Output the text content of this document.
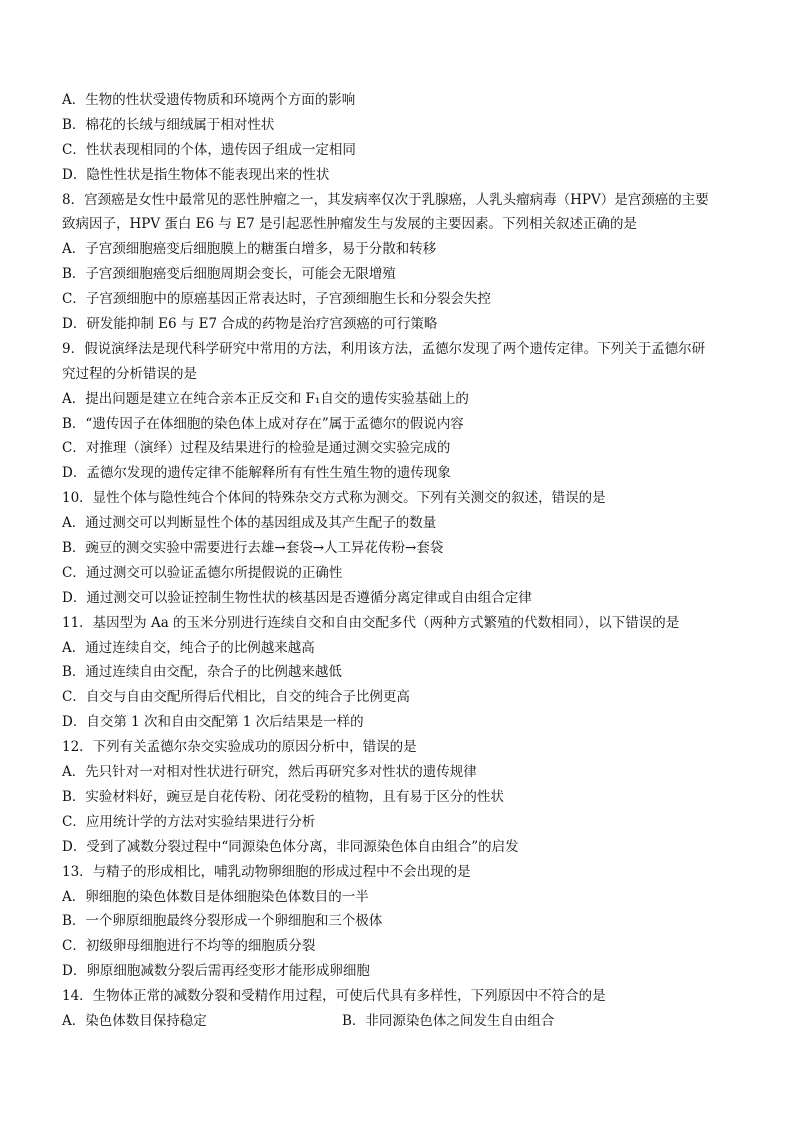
A．生物的性状受遗传物质和环境两个方面的影响
B．棉花的长绒与细绒属于相对性状
C．性状表现相同的个体，遗传因子组成一定相同
D．隐性性状是指生物体不能表现出来的性状
8．宫颈癌是女性中最常见的恶性肿瘤之一，其发病率仅次于乳腺癌，人乳头瘤病毒（HPV）是宫颈癌的主要
致病因子，HPV 蛋白 E6 与 E7 是引起恶性肿瘤发生与发展的主要因素。下列相关叙述正确的是
A．子宫颈细胞癌变后细胞膜上的糖蛋白增多，易于分散和转移
B．子宫颈细胞癌变后细胞周期会变长，可能会无限增殖
C．子宫颈细胞中的原癌基因正常表达时，子宫颈细胞生长和分裂会失控
D．研发能抑制 E6 与 E7 合成的药物是治疗宫颈癌的可行策略
9．假说演绎法是现代科学研究中常用的方法，利用该方法，孟德尔发现了两个遗传定律。下列关于孟德尔研
究过程的分析错误的是
A．提出问题是建立在纯合亲本正反交和 F₁自交的遗传实验基础上的
B．“遗传因子在体细胞的染色体上成对存在”属于孟德尔的假说内容
C．对推理（演绎）过程及结果进行的检验是通过测交实验完成的
D．孟德尔发现的遗传定律不能解释所有有性生殖生物的遗传现象
10．显性个体与隐性纯合个体间的特殊杂交方式称为测交。下列有关测交的叙述，错误的是
A．通过测交可以判断显性个体的基因组成及其产生配子的数量
B．豌豆的测交实验中需要进行去雄→套袋→人工异花传粉→套袋
C．通过测交可以验证孟德尔所提假说的正确性
D．通过测交可以验证控制生物性状的核基因是否遵循分离定律或自由组合定律
11．基因型为 Aa 的玉米分别进行连续自交和自由交配多代（两种方式繁殖的代数相同），以下错误的是
A．通过连续自交，纯合子的比例越来越高
B．通过连续自由交配，杂合子的比例越来越低
C．自交与自由交配所得后代相比，自交的纯合子比例更高
D．自交第 1 次和自由交配第 1 次后结果是一样的
12．下列有关孟德尔杂交实验成功的原因分析中，错误的是
A．先只针对一对相对性状进行研究，然后再研究多对性状的遗传规律
B．实验材料好，豌豆是自花传粉、闭花受粉的植物，且有易于区分的性状
C．应用统计学的方法对实验结果进行分析
D．受到了减数分裂过程中“同源染色体分离，非同源染色体自由组合”的启发
13．与精子的形成相比，哺乳动物卵细胞的形成过程中不会出现的是
A．卵细胞的染色体数目是体细胞染色体数目的一半
B．一个卵原细胞最终分裂形成一个卵细胞和三个极体
C．初级卵母细胞进行不均等的细胞质分裂
D．卵原细胞减数分裂后需再经变形才能形成卵细胞
14．生物体正常的减数分裂和受精作用过程，可使后代具有多样性，下列原因中不符合的是
A．染色体数目保持稳定	B．非同源染色体之间发生自由组合
